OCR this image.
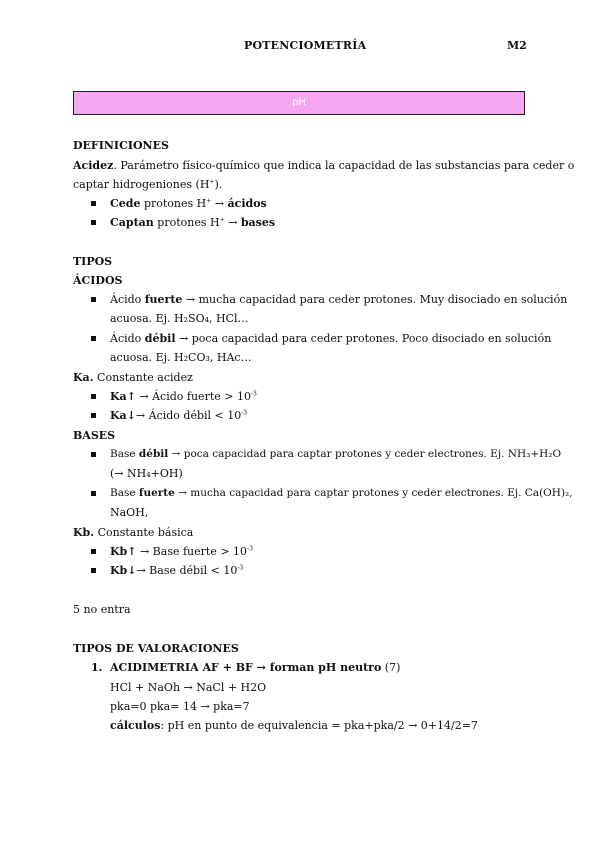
POTENCIOMETRÍA	M2
pH
DEFINICIONES
Acidez. Parámetro físico-químico que indica la capacidad de las substancias para ceder o
captar hidrogeniones (H+).
Cede protones H+ → ácidos
Captan protones H+ → bases
TIPOS
ÁCIDOS
Ácido fuerte → mucha capacidad para ceder protones. Muy disociado en solución
acuosa. Ej. H₂SO₄, HCl…
Ácido débil → poca capacidad para ceder protones. Poco disociado en solución
acuosa. Ej. H₂CO₃, HAc…
Ka. Constante acidez
Ka↑ → Ácido fuerte > $10^{-3}$
Ka↓→ Ácido débil < $10^{-3}$
BASES
Base débil → poca capacidad para captar protones y ceder electrones. Ej. NH₃+H₂O
(→ NH₄+OH)
Base fuerte → mucha capacidad para captar protones y ceder electrones. Ej. Ca(OH)₂,
NaOH,
Kb. Constante básica
Kb↑ → Base fuerte > $10^{-3}$
Kb↓→ Base débil < $10^{-3}$
5 no entra
TIPOS DE VALORACIONES
1. ACIDIMETRIA AF + BF → forman pH neutro (7)
HCl + NaOh → NaCl + H2O
pka=0 pka= 14 → pka=7
cálculos: pH en punto de equivalencia = pka+pka/2 → 0+14/2=7
